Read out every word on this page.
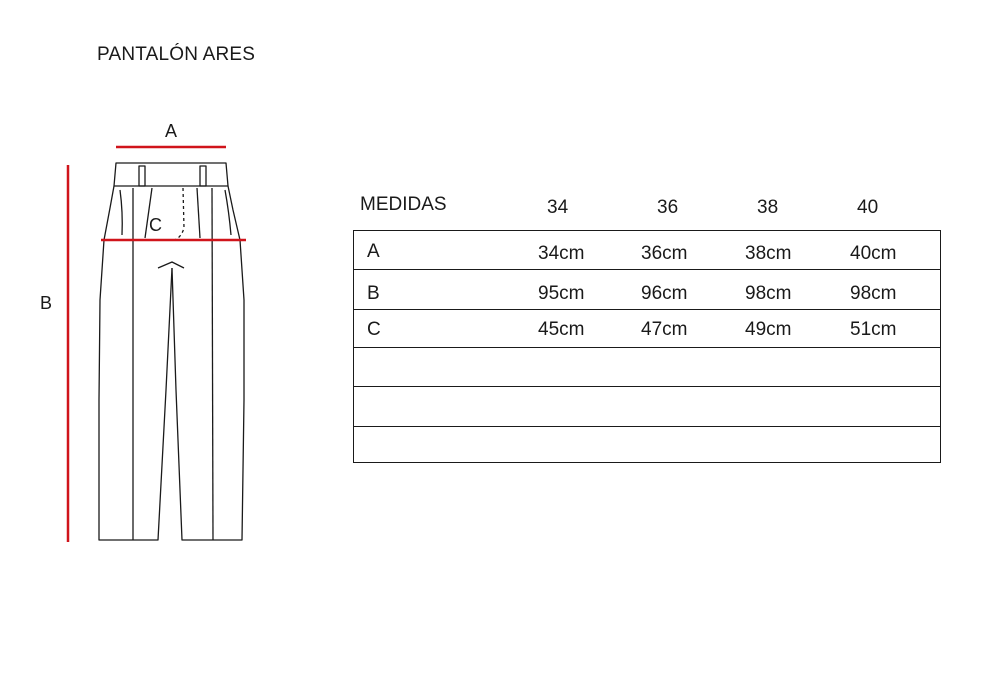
PANTALÓN ARES
B
A
C
MEDIDAS	34	36	38	40
A	34cm	36cm	38cm	40cm
B	95cm	96cm	98cm	98cm
C	45cm	47cm	49cm	51cm
